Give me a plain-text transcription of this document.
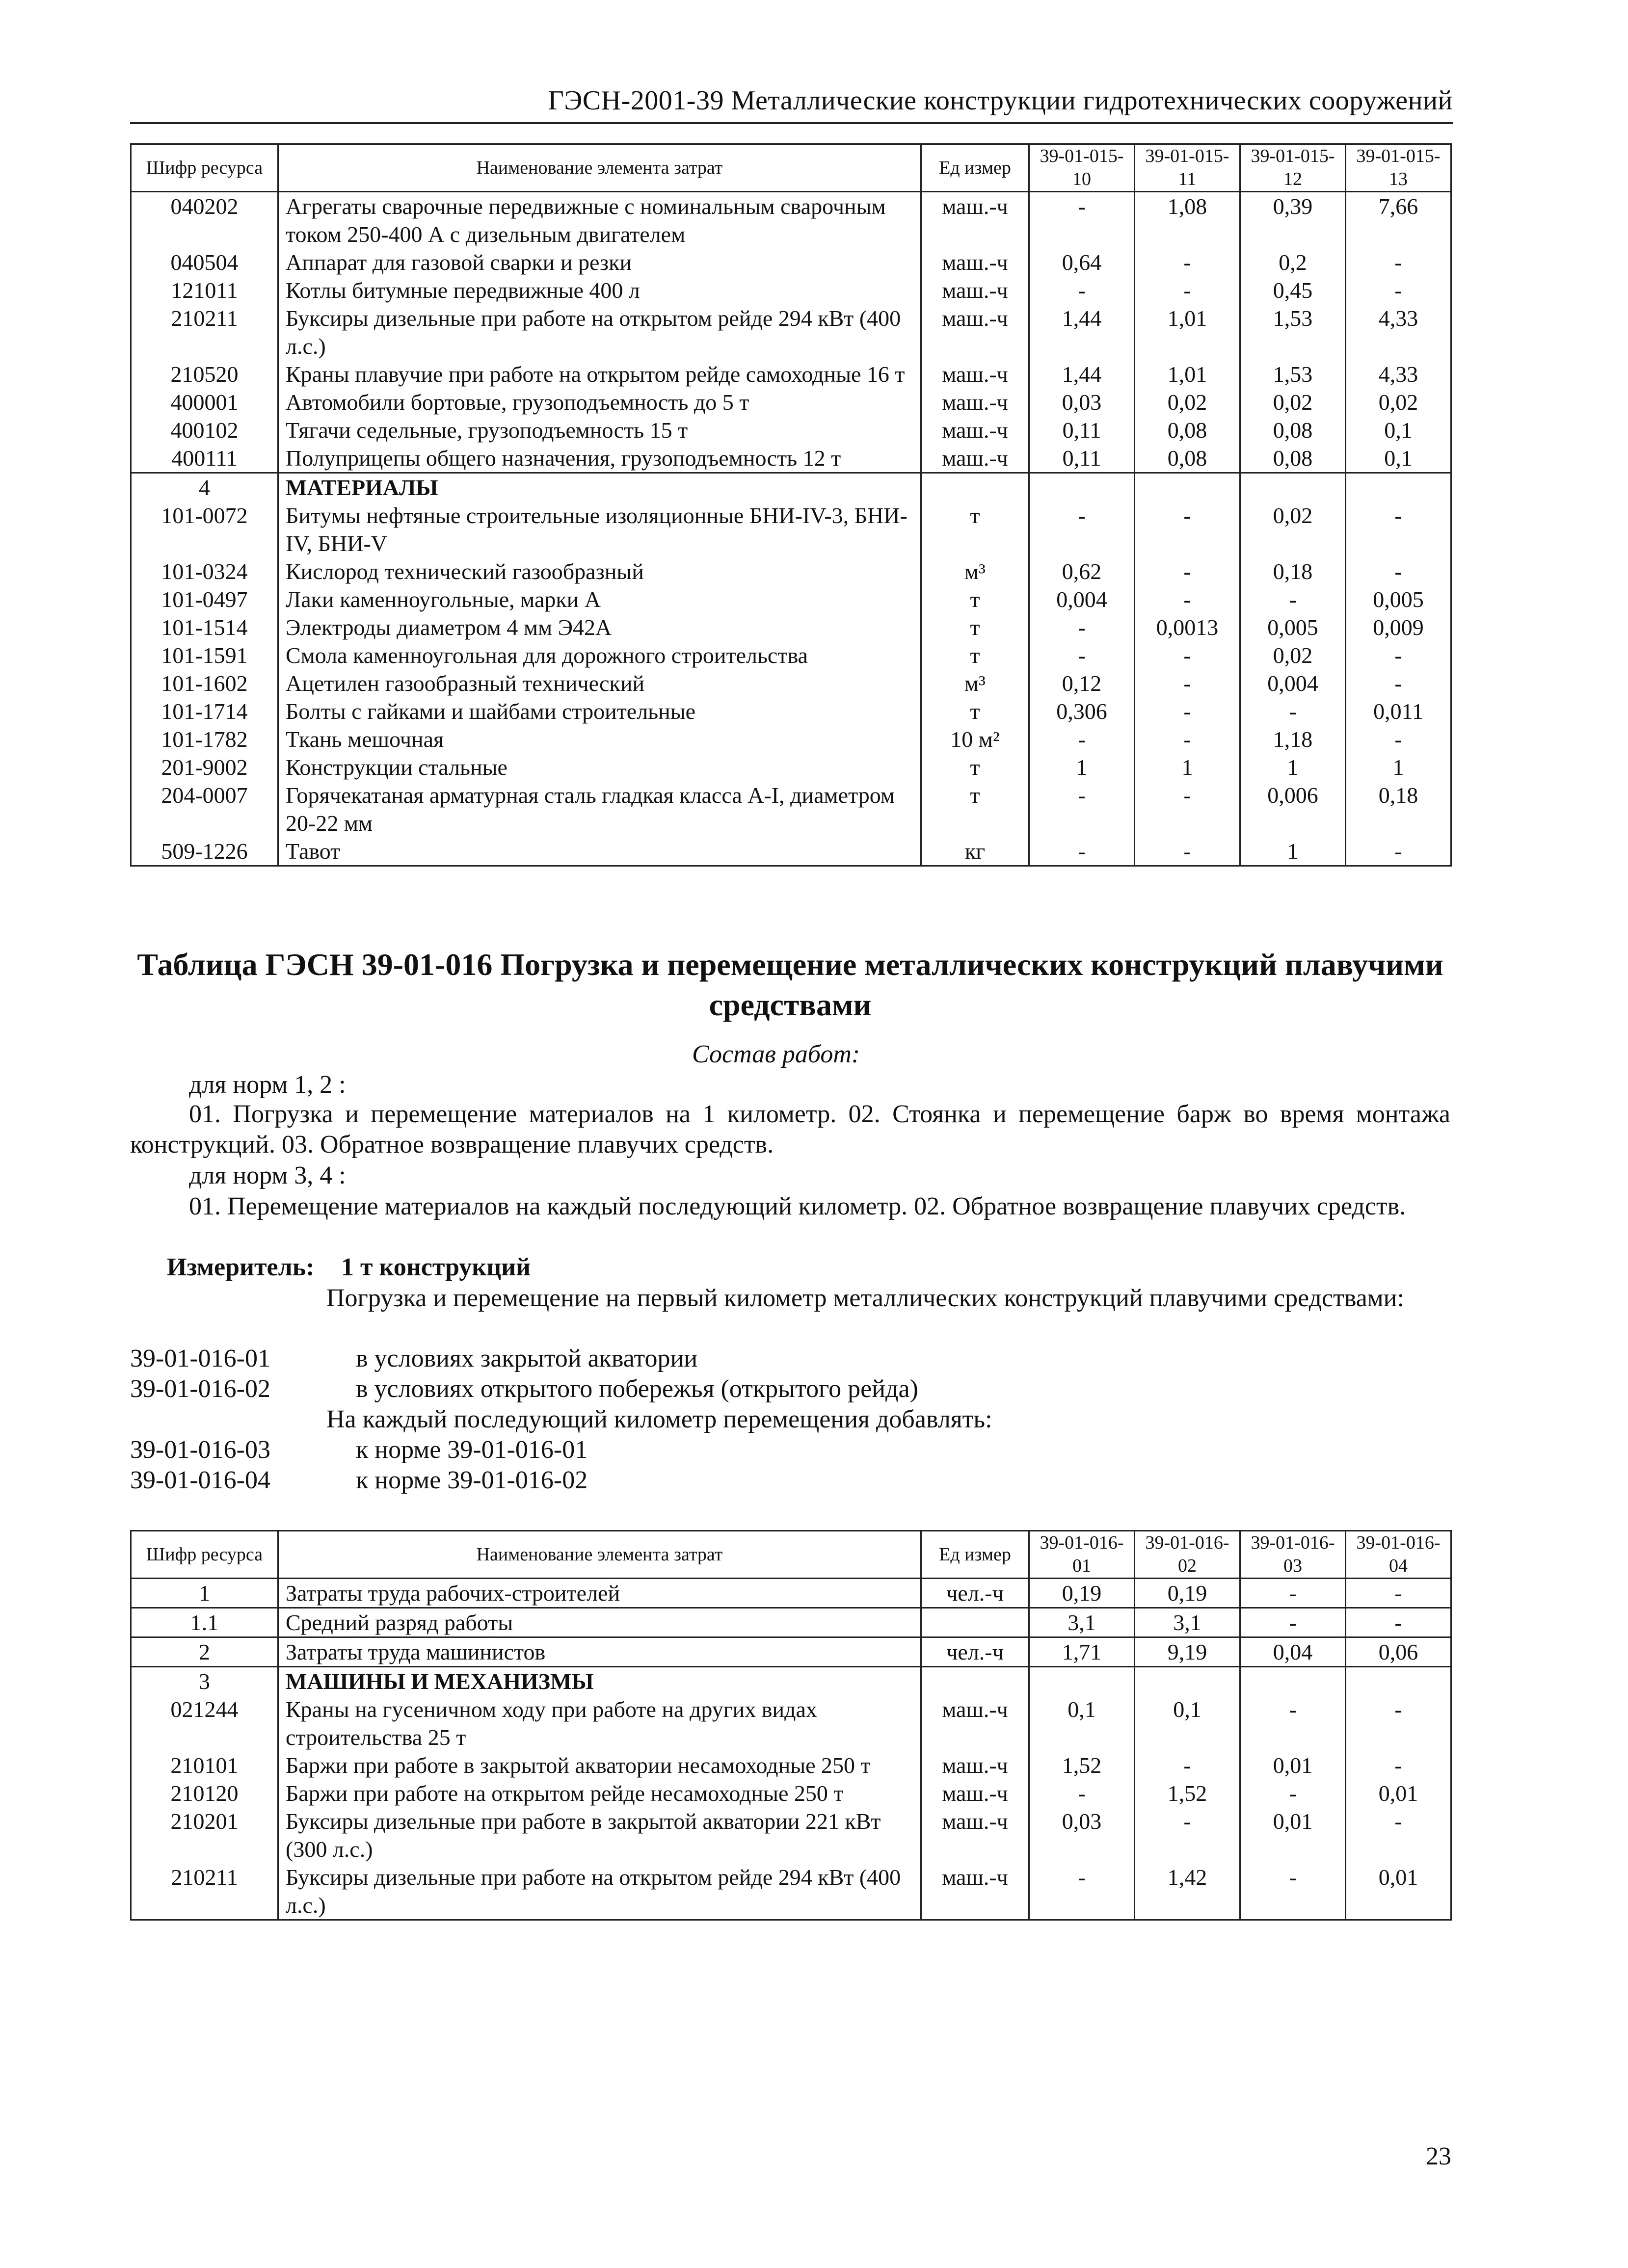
ГЭСН-2001-39 Металлические конструкции гидротехнических сооружений
Шифр ресурса	Наименование элемента затрат	Ед измер	39-01-015-10	39-01-015-11	39-01-015-12	39-01-015-13
040202	Агрегаты сварочные передвижные с номинальным сварочным током 250-400 А с дизельным двигателем	маш.-ч	-	1,08	0,39	7,66
040504	Аппарат для газовой сварки и резки	маш.-ч	0,64	-	0,2	-
121011	Котлы битумные передвижные 400 л	маш.-ч	-	-	0,45	-
210211	Буксиры дизельные при работе на открытом рейде 294 кВт (400 л.с.)	маш.-ч	1,44	1,01	1,53	4,33
210520	Краны плавучие при работе на открытом рейде самоходные 16 т	маш.-ч	1,44	1,01	1,53	4,33
400001	Автомобили бортовые, грузоподъемность до 5 т	маш.-ч	0,03	0,02	0,02	0,02
400102	Тягачи седельные, грузоподъемность 15 т	маш.-ч	0,11	0,08	0,08	0,1
400111	Полуприцепы общего назначения, грузоподъемность 12 т	маш.-ч	0,11	0,08	0,08	0,1
4	МАТЕРИАЛЫ					
101-0072	Битумы нефтяные строительные изоляционные БНИ-IV-3, БНИ-IV, БНИ-V	т	-	-	0,02	-
101-0324	Кислород технический газообразный	м³	0,62	-	0,18	-
101-0497	Лаки каменноугольные, марки А	т	0,004	-	-	0,005
101-1514	Электроды диаметром 4 мм Э42А	т	-	0,0013	0,005	0,009
101-1591	Смола каменноугольная для дорожного строительства	т	-	-	0,02	-
101-1602	Ацетилен газообразный технический	м³	0,12	-	0,004	-
101-1714	Болты с гайками и шайбами строительные	т	0,306	-	-	0,011
101-1782	Ткань мешочная	10 м²	-	-	1,18	-
201-9002	Конструкции стальные	т	1	1	1	1
204-0007	Горячекатаная арматурная сталь гладкая класса А-I, диаметром 20-22 мм	т	-	-	0,006	0,18
509-1226	Тавот	кг	-	-	1	-
Таблица ГЭСН 39-01-016 Погрузка и перемещение металлических конструкций плавучими средствами
Состав работ:
для норм 1, 2 :
01. Погрузка и перемещение материалов на 1 километр. 02. Стоянка и перемещение барж во время монтажа конструкций. 03. Обратное возвращение плавучих средств.
для норм 3, 4 :
01. Перемещение материалов на каждый последующий километр. 02. Обратное возвращение плавучих средств.
Измеритель: 1 т конструкций
Погрузка и перемещение на первый километр металлических конструкций плавучими средствами:
39-01-016-01	в условиях закрытой акватории
39-01-016-02	в условиях открытого побережья (открытого рейда)
На каждый последующий километр перемещения добавлять:
39-01-016-03	к норме 39-01-016-01
39-01-016-04	к норме 39-01-016-02
Шифр ресурса	Наименование элемента затрат	Ед измер	39-01-016-01	39-01-016-02	39-01-016-03	39-01-016-04
1	Затраты труда рабочих-строителей	чел.-ч	0,19	0,19	-	-
1.1	Средний разряд работы		3,1	3,1	-	-
2	Затраты труда машинистов	чел.-ч	1,71	9,19	0,04	0,06
3	МАШИНЫ И МЕХАНИЗМЫ					
021244	Краны на гусеничном ходу при работе на других видах строительства 25 т	маш.-ч	0,1	0,1	-	-
210101	Баржи при работе в закрытой акватории несамоходные 250 т	маш.-ч	1,52	-	0,01	-
210120	Баржи при работе на открытом рейде несамоходные 250 т	маш.-ч	-	1,52	-	0,01
210201	Буксиры дизельные при работе в закрытой акватории 221 кВт (300 л.с.)	маш.-ч	0,03	-	0,01	-
210211	Буксиры дизельные при работе на открытом рейде 294 кВт (400 л.с.)	маш.-ч	-	1,42	-	0,01
23
